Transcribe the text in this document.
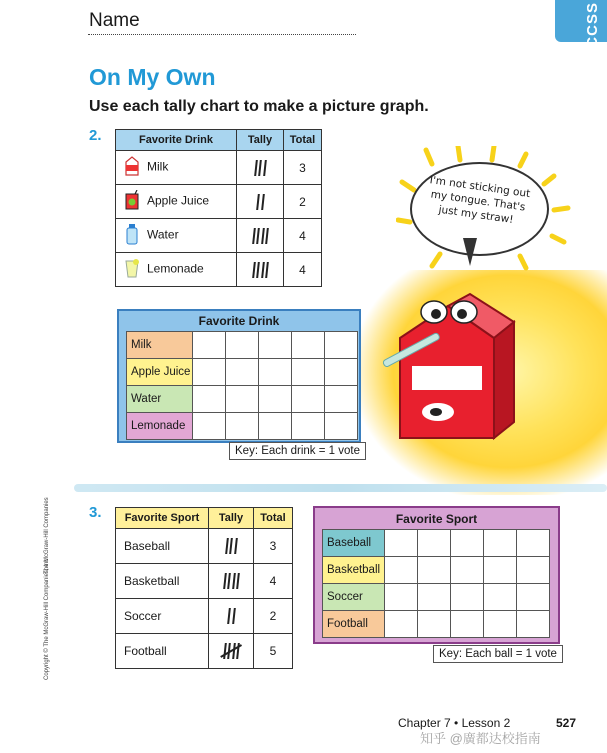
CCSS
Name
On My Own
Use each tally chart to make a picture graph.
2.	Favorite Drink	Tally	Total
Milk		3
Apple Juice		2
Water		4
Lemonade		4
I'm not sticking out my tongue. That's just my straw!
Favorite Drink
Milk					
Apple Juice					
Water					
Lemonade					
Key: Each drink = 1 vote
3. Favorite Sport	Tally	Total
Baseball		3
Basketball		4
Soccer		2
Football		5
Favorite Sport
Baseball					
Basketball					
Soccer					
Football					
Key: Each ball = 1 vote
Copyright © The McGraw-Hill Companies, Inc.
The McGraw-Hill Companies
Chapter 7 • Lesson 2	527
知乎 @廣都达校指南
